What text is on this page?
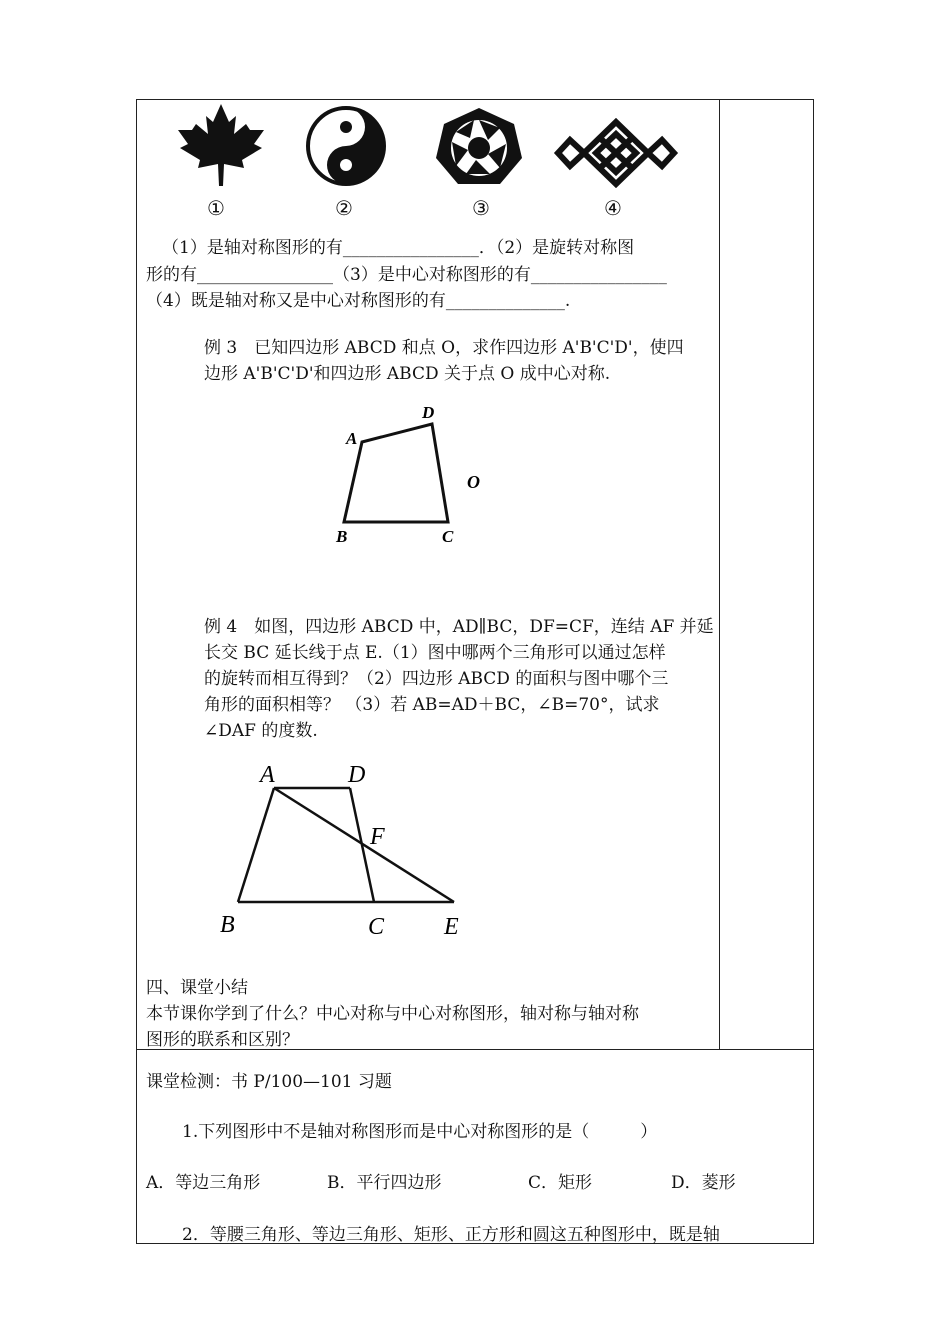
①	②	③	④
（1）是轴对称图形的有________________．（2）是旋转对称图
形的有________________（3）是中心对称图形的有________________
（4）既是轴对称又是中心对称图形的有______________.
例 3　已知四边形 ABCD 和点 O，求作四边形 A'B'C'D'，使四
边形 A'B'C'D'和四边形 ABCD 关于点 O 成中心对称.
A
D
O
B	C
例 4　如图，四边形 ABCD 中，AD∥BC，DF=CF，连结 AF 并延
长交 BC 延长线于点 E.（1）图中哪两个三角形可以通过怎样
的旋转而相互得到？（2）四边形 ABCD 的面积与图中哪个三
角形的面积相等？ （3）若 AB=AD＋BC，∠B=70°，试求
∠DAF 的度数.
A	D
F
B	C E
四、课堂小结
本节课你学到了什么？中心对称与中心对称图形，轴对称与轴对称
图形的联系和区别？
课堂检测：书 P/100—101 习题
1.下列图形中不是轴对称图形而是中心对称图形的是（　　　）
A．等边三角形	B．平行四边形	C．矩形	D．菱形
2．等腰三角形、等边三角形、矩形、正方形和圆这五种图形中，既是轴
